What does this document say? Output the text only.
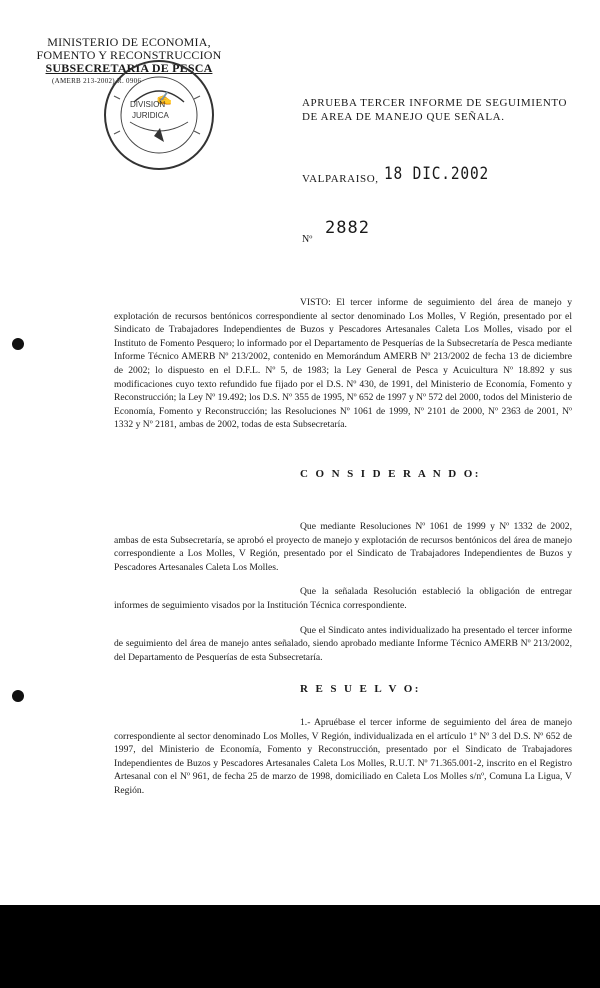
MINISTERIO DE ECONOMIA,
FOMENTO Y RECONSTRUCCION
SUBSECRETARIA DE PESCA
(AMERB 213-2002) R. 0906
✍
DIVISION
JURIDICA
APRUEBA TERCER INFORME DE SEGUIMIENTO
DE AREA DE MANEJO QUE SEÑALA.
VALPARAISO, 18 DIC.2002
Nº
2882

VISTO: El tercer informe de seguimiento del área de manejo y explotación de recursos bentónicos correspondiente al sector denominado Los Molles, V Región, presentado por el Sindicato de Trabajadores Independientes de Buzos y Pescadores Artesanales Caleta Los Molles, visado por el Instituto de Fomento Pesquero; lo informado por el Departamento de Pesquerías de la Subsecretaría de Pesca mediante Informe Técnico AMERB Nº 213/2002, contenido en Memorándum AMERB Nº 213/2002 de fecha 13 de diciembre de 2002; lo dispuesto en el D.F.L. Nº 5, de 1983; la Ley General de Pesca y Acuicultura Nº 18.892 y sus modificaciones cuyo texto refundido fue fijado por el D.S. Nº 430, de 1991, del Ministerio de Economía, Fomento y Reconstrucción; la Ley Nº 19.492; los D.S. Nº 355 de 1995, Nº 652 de 1997 y Nº 572 del 2000, todos del Ministerio de Economía, Fomento y Reconstrucción; las Resoluciones Nº 1061 de 1999, Nº 2101 de 2000, Nº 2363 de 2001, Nº 1332 y Nº 2181, ambas de 2002, todas de esta Subsecretaría.

C O N S I D E R A N D O:

Que mediante Resoluciones Nº 1061 de 1999 y Nº 1332 de 2002, ambas de esta Subsecretaría, se aprobó el proyecto de manejo y explotación de recursos bentónicos del área de manejo correspondiente a Los Molles, V Región, presentado por el Sindicato de Trabajadores Independientes de Buzos y Pescadores Artesanales Caleta Los Molles.

Que la señalada Resolución estableció la obligación de entregar informes de seguimiento visados por la Institución Técnica correspondiente.

Que el Sindicato antes individualizado ha presentado el tercer informe de seguimiento del área de manejo antes señalado, siendo aprobado mediante Informe Técnico AMERB Nº 213/2002, del Departamento de Pesquerías de esta Subsecretaría.

R E S U E L V O:

1.- Apruébase el tercer informe de seguimiento del área de manejo correspondiente al sector denominado Los Molles, V Región, individualizada en el artículo 1º Nº 3 del D.S. Nº 652 de 1997, del Ministerio de Economía, Fomento y Reconstrucción, presentado por el Sindicato de Trabajadores Independientes de Buzos y Pescadores Artesanales Caleta Los Molles, R.U.T. Nº 71.365.001-2, inscrito en el Registro Artesanal con el Nº 961, de fecha 25 de marzo de 1998, domiciliado en Caleta Los Molles s/nº, Comuna La Ligua, V Región.
